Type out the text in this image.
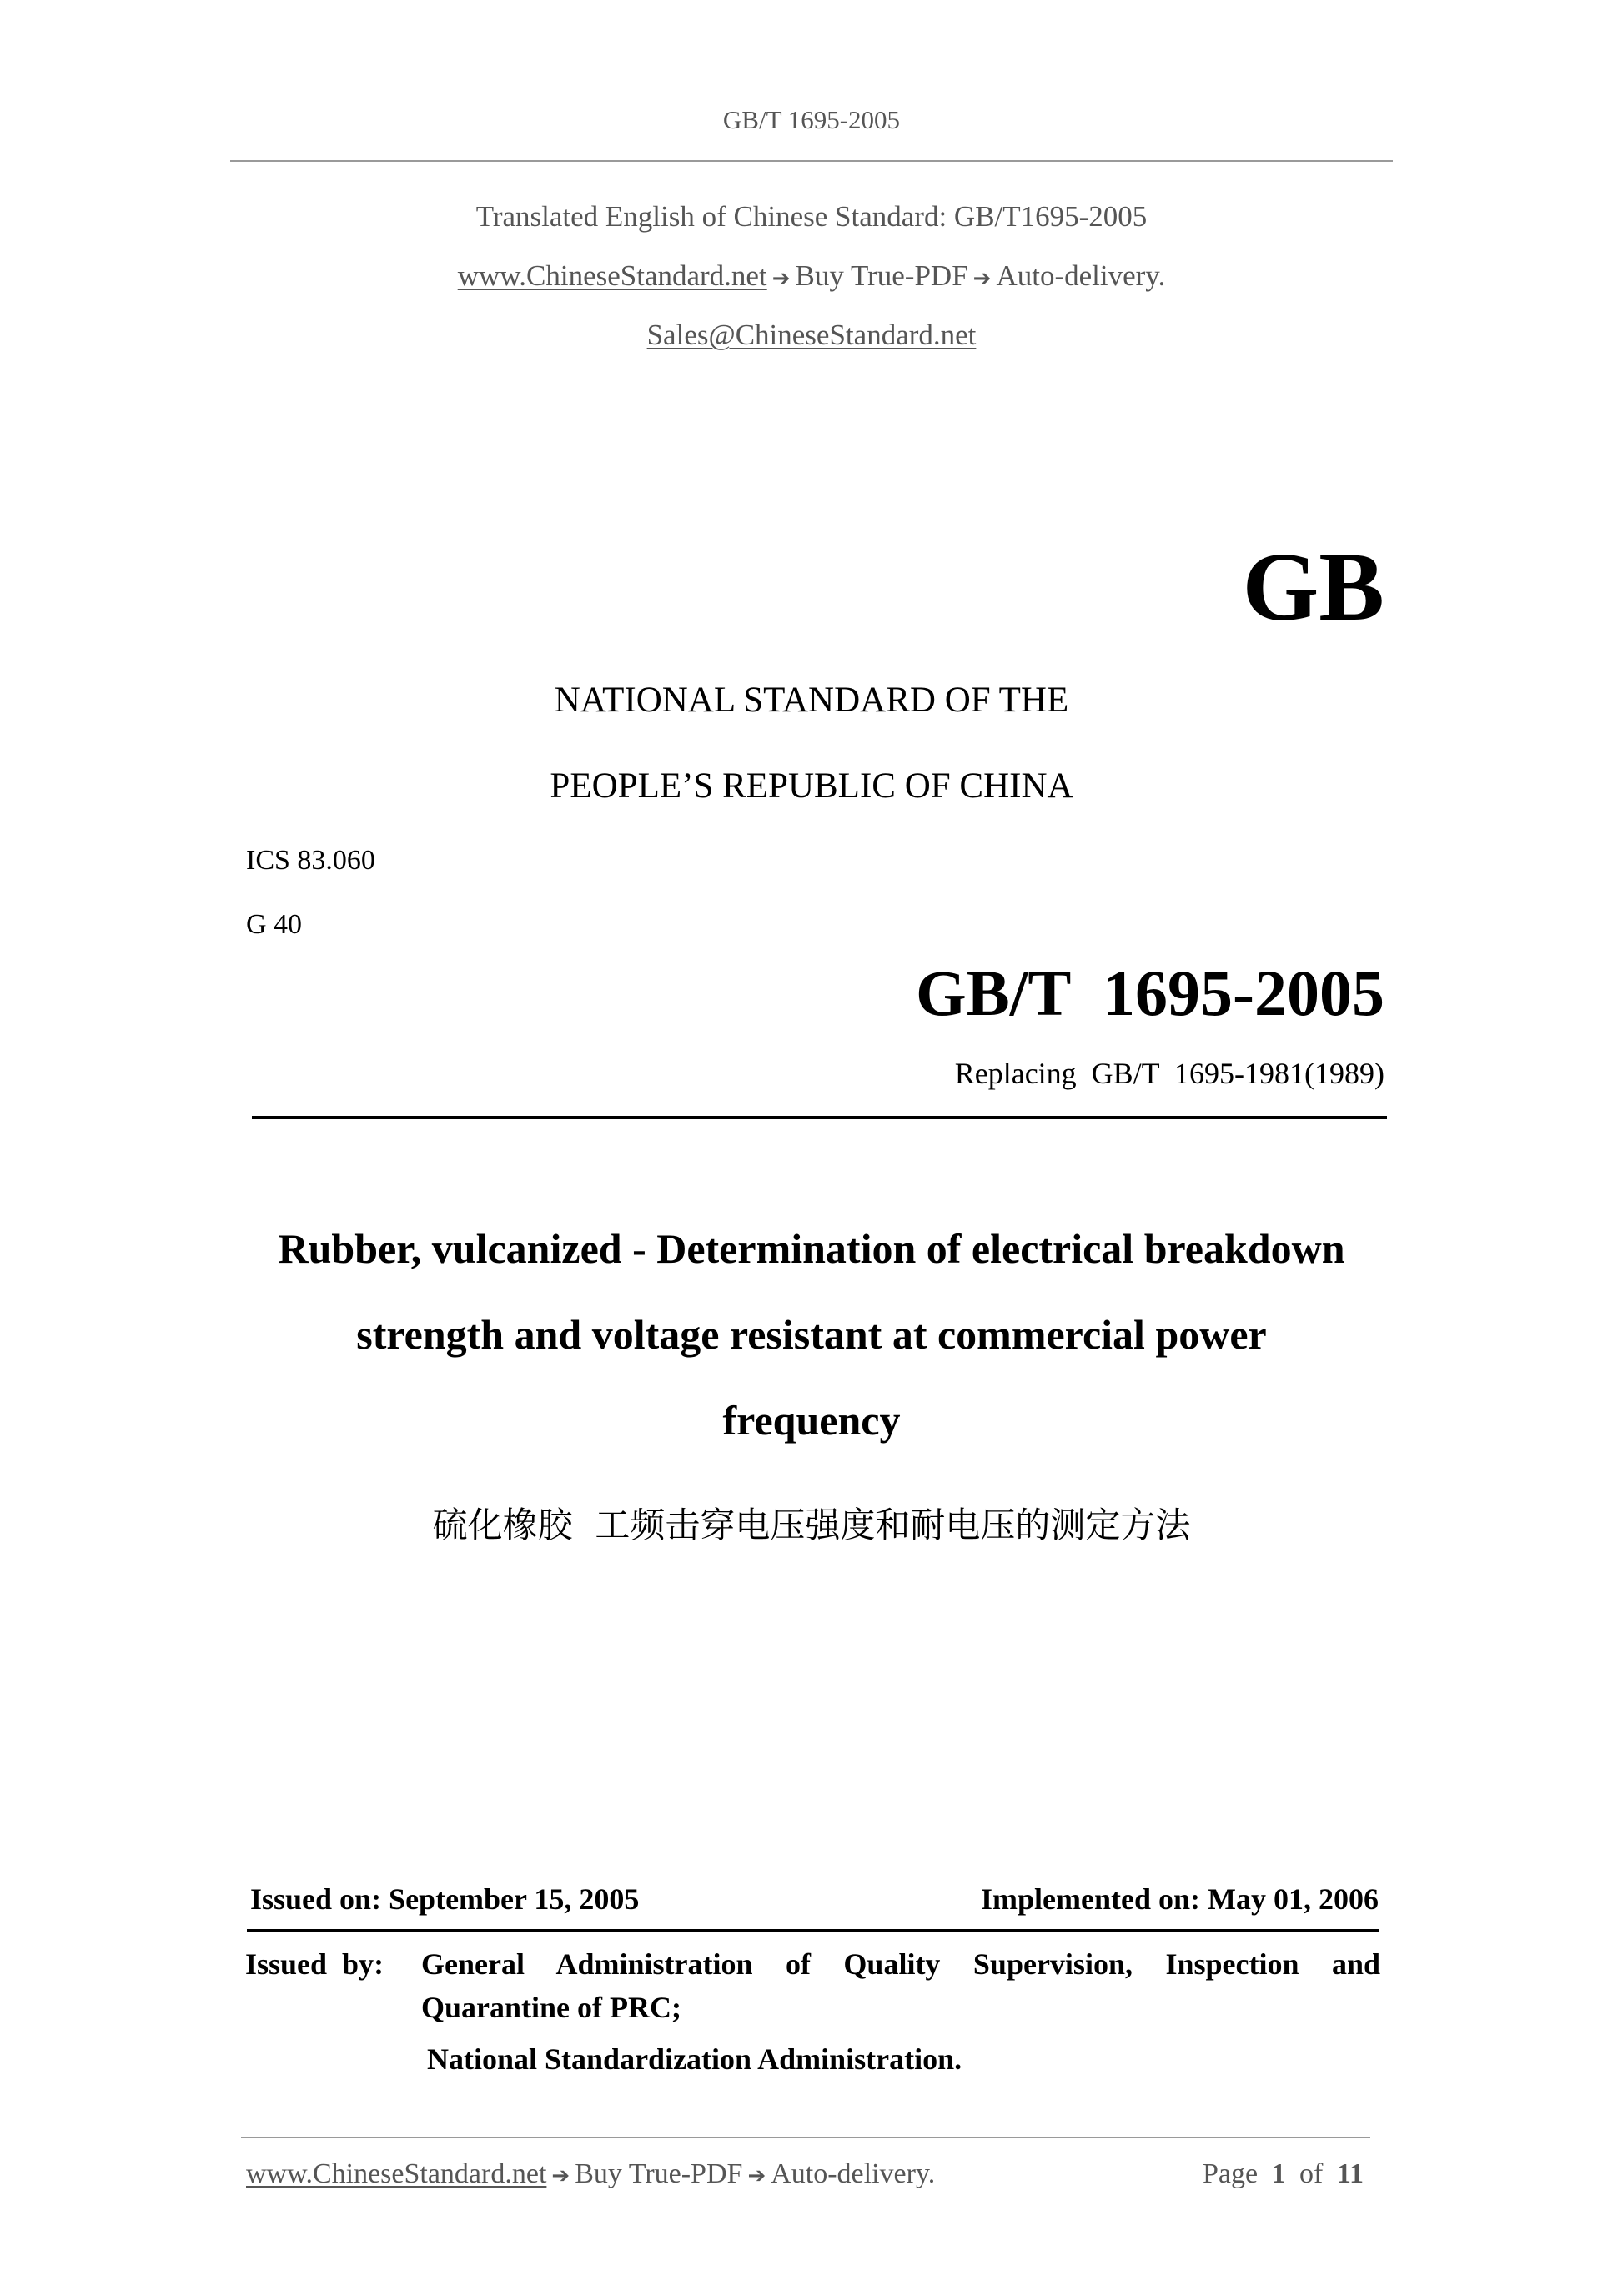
GB/T 1695-2005
Translated English of Chinese Standard: GB/T1695-2005
www.ChineseStandard.net ➔ Buy True-PDF ➔ Auto-delivery.
Sales@ChineseStandard.net
GB
NATIONAL STANDARD OF THE
PEOPLE’S REPUBLIC OF CHINA
ICS 83.060
G 40
GB/T  1695-2005
Replacing  GB/T  1695-1981(1989)
Rubber, vulcanized - Determination of electrical breakdown
strength and voltage resistant at commercial power
frequency
硫化橡胶  工频击穿电压强度和耐电压的测定方法
Issued on: September 15, 2005	Implemented on: May 01, 2006
Issued  by: General  Administration  of  Quality  Supervision,  Inspection  and
Quarantine of PRC;
National Standardization Administration.
www.ChineseStandard.net ➔ Buy True-PDF ➔ Auto-delivery.	Page 1 of 11
